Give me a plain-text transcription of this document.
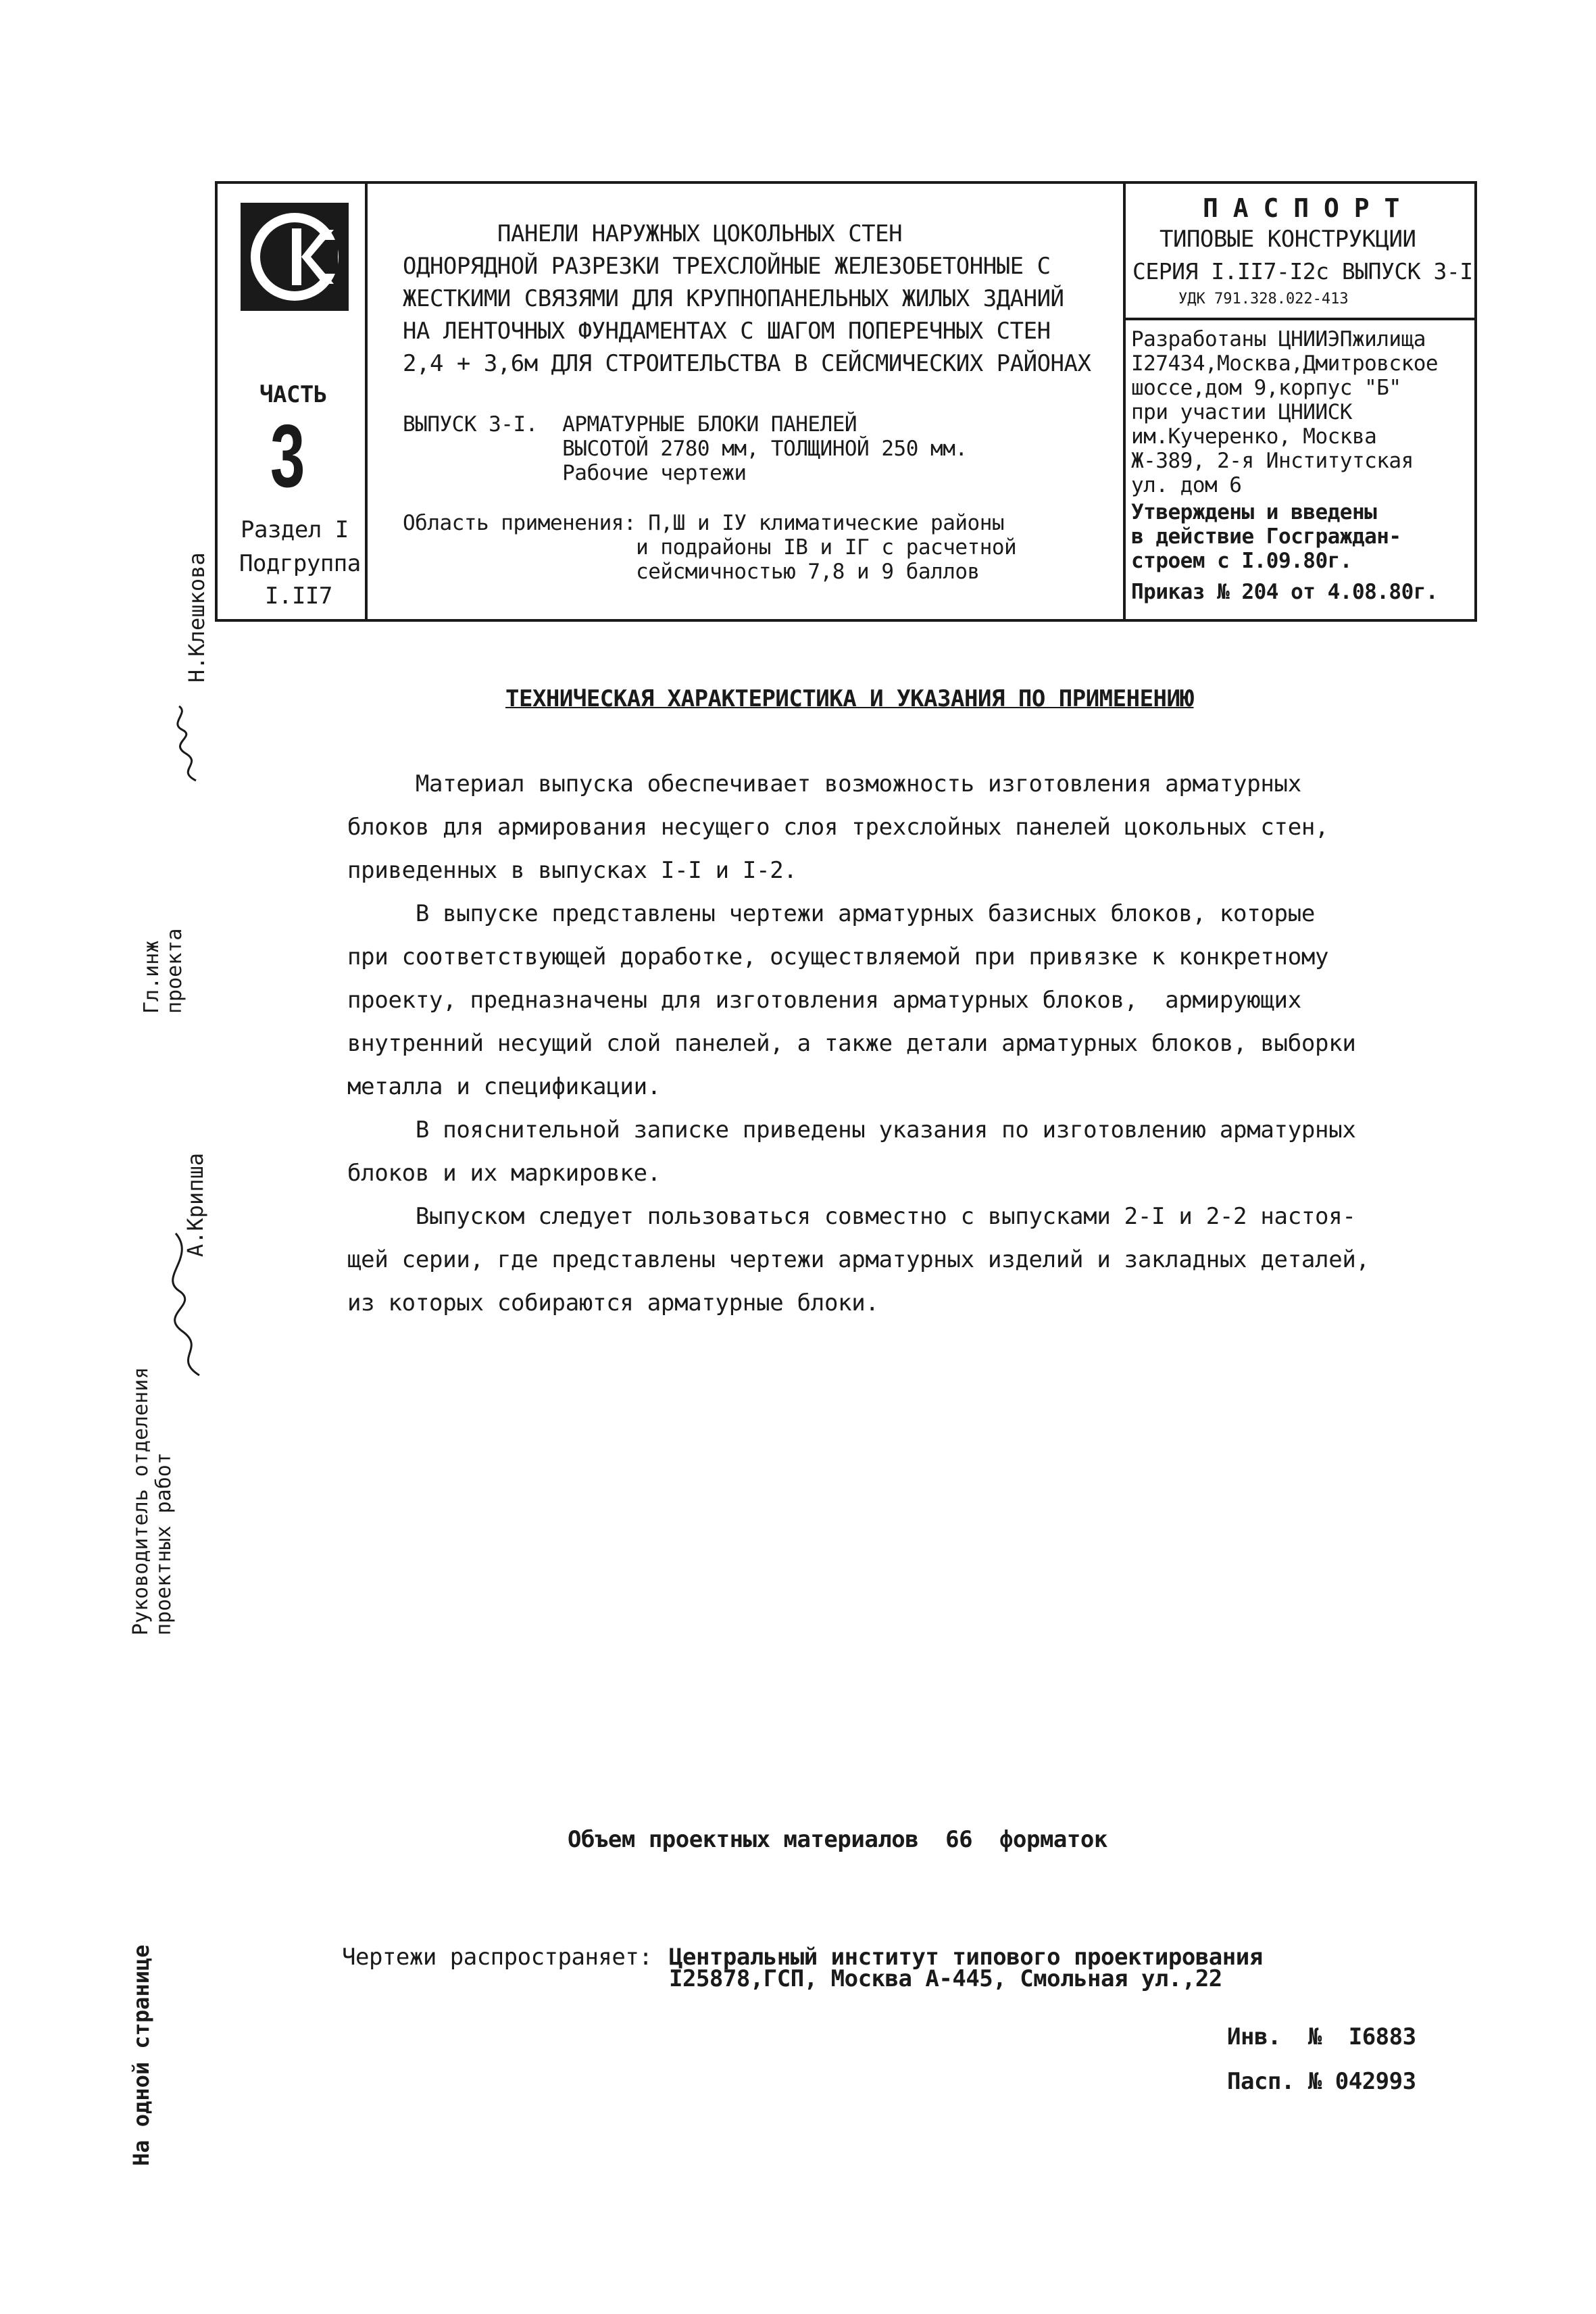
ЧАСТЬ
3
Раздел I
Подгруппа
I.II7
ПАНЕЛИ НАРУЖНЫХ ЦОКОЛЬНЫХ СТЕН
ОДНОРЯДНОЙ РАЗРЕЗКИ ТРЕХСЛОЙНЫЕ ЖЕЛЕЗОБЕТОННЫЕ С
ЖЕСТКИМИ СВЯЗЯМИ ДЛЯ КРУПНОПАНЕЛЬНЫХ ЖИЛЫХ ЗДАНИЙ
НА ЛЕНТОЧНЫХ ФУНДАМЕНТАХ С ШАГОМ ПОПЕРЕЧНЫХ СТЕН
2,4 + 3,6м ДЛЯ СТРОИТЕЛЬСТВА В СЕЙСМИЧЕСКИХ РАЙОНАХ
ВЫПУСК 3-I.  АРМАТУРНЫЕ БЛОКИ ПАНЕЛЕЙ
ВЫСОТОЙ 2780 мм, ТОЛЩИНОЙ 250 мм.
Рабочие чертежи
Область применения: П,Ш и IУ климатические районы
и подрайоны IВ и IГ с расчетной
сейсмичностью 7,8 и 9 баллов
П А С П О Р Т
ТИПОВЫЕ КОНСТРУКЦИИ
СЕРИЯ I.II7-I2с ВЫПУСК 3-I
УДК 791.328.022-413
Разработаны ЦНИИЭПжилища
I27434,Москва,Дмитровское
шоссе,дом 9,корпус "Б"
при участии ЦНИИСК
им.Кучеренко, Москва
Ж-389, 2-я Институтская
ул. дом 6
Утверждены и введены
в действие Госграждан-
строем с I.09.80г.
Приказ № 204 от 4.08.80г.
Н.Клешкова
Гл.инж проекта
А.Крипша
Руководитель отделения проектных работ
На одной странице
ТЕХНИЧЕСКАЯ ХАРАКТЕРИСТИКА И УКАЗАНИЯ ПО ПРИМЕНЕНИЮ
Материал выпуска обеспечивает возможность изготовления арматурных
блоков для армирования несущего слоя трехслойных панелей цокольных стен,
приведенных в выпусках I-I и I-2.
В выпуске представлены чертежи арматурных базисных блоков, которые
при соответствующей доработке, осуществляемой при привязке к конкретному
проекту, предназначены для изготовления арматурных блоков,  армирующих
внутренний несущий слой панелей, а также детали арматурных блоков, выборки
металла и спецификации.
В пояснительной записке приведены указания по изготовлению арматурных
блоков и их маркировке.
Выпуском следует пользоваться совместно с выпусками 2-I и 2-2 настоя-
щей серии, где представлены чертежи арматурных изделий и закладных деталей,
из которых собираются арматурные блоки.
Объем проектных материалов  66  форматок
Чертежи распространяет: Центральный институт типового проектирования
I25878,ГСП, Москва А-445, Смольная ул.,22
Инв.  №  I6883
Пасп. № 042993
